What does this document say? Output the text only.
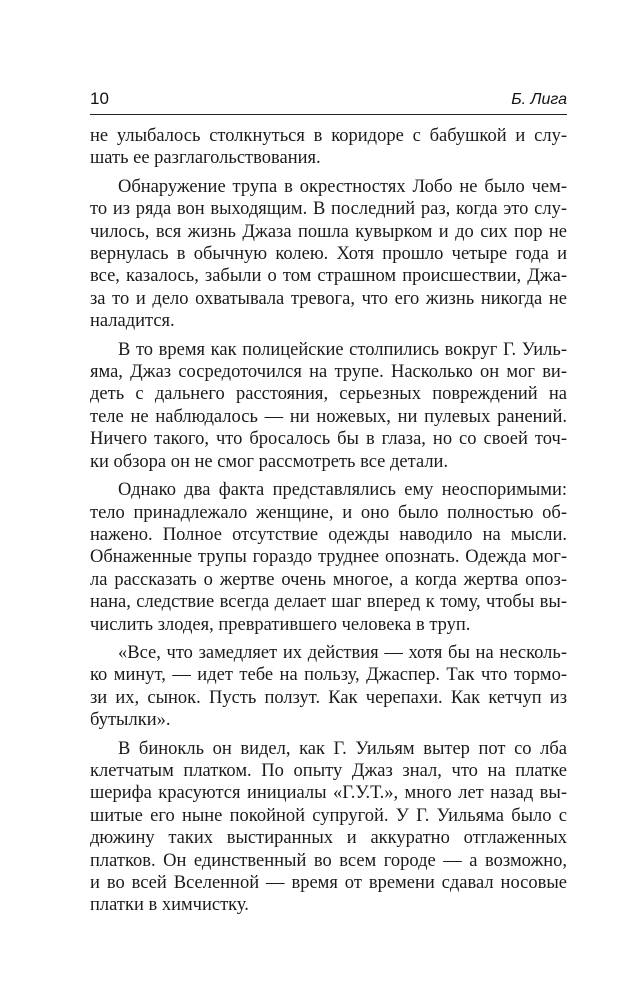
10	Б. Лига
не улыбалось столкнуться в коридоре с бабушкой и слу-
шать ее разглагольствования.
Обнаружение трупа в окрестностях Лобо не было чем-
то из ряда вон выходящим. В последний раз, когда это слу-
чилось, вся жизнь Джаза пошла кувырком и до сих пор не
вернулась в обычную колею. Хотя прошло четыре года и
все, казалось, забыли о том страшном происшествии, Джа-
за то и дело охватывала тревога, что его жизнь никогда не
наладится.
В то время как полицейские столпились вокруг Г. Уиль-
яма, Джаз сосредоточился на трупе. Насколько он мог ви-
деть с дальнего расстояния, серьезных повреждений на
теле не наблюдалось — ни ножевых, ни пулевых ранений.
Ничего такого, что бросалось бы в глаза, но со своей точ-
ки обзора он не смог рассмотреть все детали.
Однако два факта представлялись ему неоспоримыми:
тело принадлежало женщине, и оно было полностью об-
нажено. Полное отсутствие одежды наводило на мысли.
Обнаженные трупы гораздо труднее опознать. Одежда мог-
ла рассказать о жертве очень многое, а когда жертва опоз-
нана, следствие всегда делает шаг вперед к тому, чтобы вы-
числить злодея, превратившего человека в труп.
«Все, что замедляет их действия — хотя бы на несколь-
ко минут, — идет тебе на пользу, Джаспер. Так что тормо-
зи их, сынок. Пусть ползут. Как черепахи. Как кетчуп из
бутылки».
В бинокль он видел, как Г. Уильям вытер пот со лба
клетчатым платком. По опыту Джаз знал, что на платке
шерифа красуются инициалы «Г.У.Т.», много лет назад вы-
шитые его ныне покойной супругой. У Г. Уильяма было с
дюжину таких выстиранных и аккуратно отглаженных
платков. Он единственный во всем городе — а возможно,
и во всей Вселенной — время от времени сдавал носовые
платки в химчистку.
